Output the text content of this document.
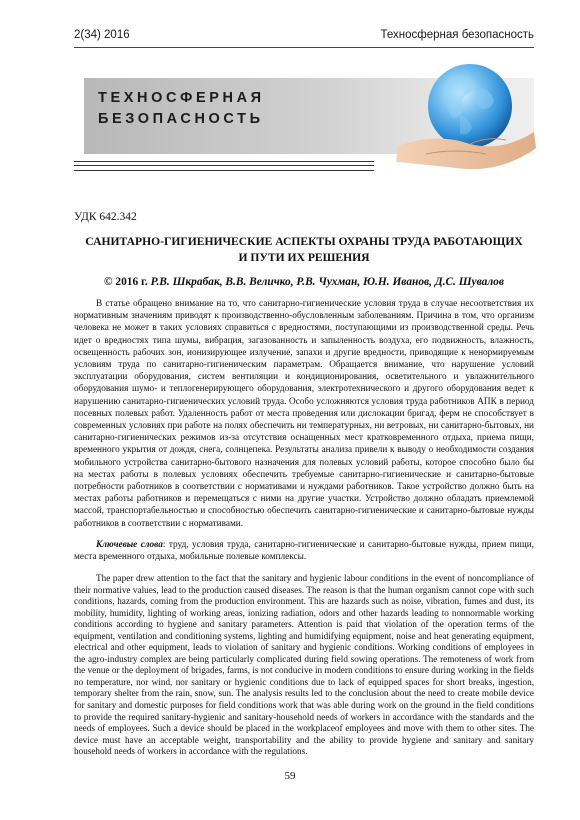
2(34) 2016	Техносферная безопасность
ТЕХНОСФЕРНАЯ
БЕЗОПАСНОСТЬ
УДК 642.342
САНИТАРНО-ГИГИЕНИЧЕСКИЕ АСПЕКТЫ ОХРАНЫ ТРУДА РАБОТАЮЩИХ
И ПУТИ ИХ РЕШЕНИЯ
© 2016 г. Р.В. Шкрабак, В.В. Величко, Р.В. Чухман, Ю.Н. Иванов, Д.С. Шувалов
В статье обращено внимание на то, что санитарно-гигиенические условия труда в случае несоответствия их нормативным значениям приводят к производственно-обусловленным заболеваниям. Причина в том, что организм человека не может в таких условиях справиться с вредностями, поступающими из производственной среды. Речь идет о вредностях типа шумы, вибрация, загазованность и запыленность воздуха, его подвижность, влажность, освещенность рабочих зон, ионизирующее излучение, запахи и другие вредности, приводящие к ненормируемым условиям труда по санитарно-гигиеническим параметрам. Обращается внимание, что нарушение условий эксплуатации оборудования, систем вентиляции и кондиционирования, осветительного и увлажнительного оборудования шумо- и теплогенерирующего оборудования, электротехнического и другого оборудования ведет к нарушению санитарно-гигиенических условий труда. Особо усложняются условия труда работников АПК в период посевных полевых работ. Удаленность работ от места проведения или дислокации бригад, ферм не способствует в современных условиях при работе на полях обеспечить ни температурных, ни ветровых, ни санитарно-бытовых, ни санитарно-гигиенических режимов из-за отсутствия оснащенных мест кратковременного отдыха, приема пищи, временного укрытия от дождя, снега, солнцепека. Результаты анализа привели к выводу о необходимости создания мобильного устройства санитарно-бытового назначения для полевых условий работы, которое способно было бы на местах работы в полевых условиях обеспечить требуемые санитарно-гигиенические и санитарно-бытовые потребности работников в соответствии с нормативами и нуждами работников. Такое устройство должно быть на местах работы работников и перемещаться с ними на другие участки. Устройство должно обладать приемлемой массой, транспортабельностью и способностью обеспечить санитарно-гигиенические и санитарно-бытовые нужды работников в соответствии с нормативами.
Ключевые слова: труд, условия труда, санитарно-гигиенические и санитарно-бытовые нужды, прием пищи, места временного отдыха, мобильные полевые комплексы.
The paper drew attention to the fact that the sanitary and hygienic labour conditions in the event of noncompliance of their normative values, lead to the production caused diseases. The reason is that the human organism cannot cope with such conditions, hazards, coming from the production environment. This are hazards such as noise, vibration, fumes and dust, its mobility, humidity, lighting of working areas, ionizing radiation, odors and other hazards leading to nonnormable working conditions according to hygiene and sanitary parameters. Attention is paid that violation of the operation terms of the equipment, ventilation and conditioning systems, lighting and humidifying equipment, noise and heat generating equipment, electrical and other equipment, leads to violation of sanitary and hygienic conditions. Working conditions of employees in the agro-industry complex are being particularly complicated during field sowing operations. The remoteness of work from the venue or the deployment of brigades, farms, is not conducive in modern conditions to ensure during working in the fields no temperature, nor wind, nor sanitary or hygienic conditions due to lack of equipped spaces for short breaks, ingestion, temporary shelter from the rain, snow, sun. The analysis results led to the conclusion about the need to create mobile device for sanitary and domestic purposes for field conditions work that was able during work on the ground in the field conditions to provide the required sanitary-hygienic and sanitary-household needs of workers in accordance with the standards and the needs of employees. Such a device should be placed in the workplaceof employees and move with them to other sites. The device must have an acceptable weight, transportability and the ability to provide hygiene and sanitary and sanitary household needs of workers in accordance with the regulations.
59
